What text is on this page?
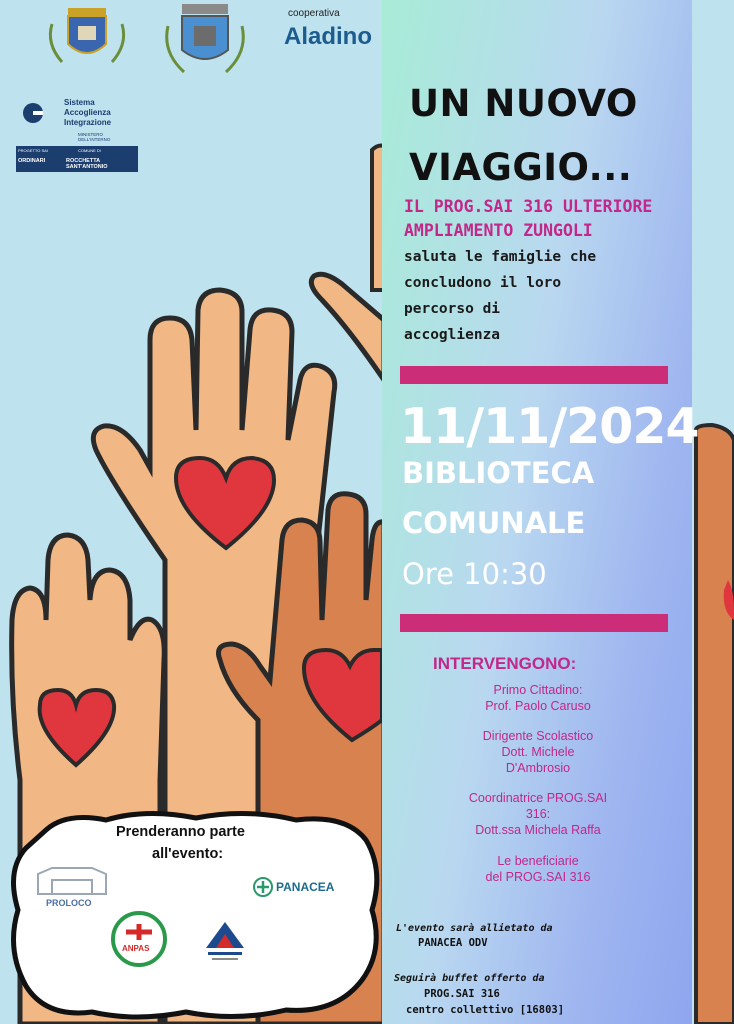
cooperativa
Aladino
Sistema
Accoglienza
Integrazione
MINISTERO DELL'INTERNO
PROGETTO SAI	COMUNE DI
ORDINARI	ROCCHETTA SANT'ANTONIO
UN NUOVO
VIAGGIO...
IL PROG.SAI 316 ULTERIORE
AMPLIAMENTO ZUNGOLI
saluta le famiglie che
concludono il loro
percorso di
accoglienza
11/11/2024
BIBLIOTECA
COMUNALE
Ore 10:30
INTERVENGONO:
Primo Cittadino:
Prof. Paolo Caruso
Dirigente Scolastico
Dott. Michele
D'Ambrosio
Coordinatrice PROG.SAI
316:
Dott.ssa Michela Raffa
Le beneficiarie
del PROG.SAI 316
L'evento sarà allietato da
PANACEA ODV
Seguirà buffet offerto da
PROG.SAI 316
centro collettivo [16803]
Prenderanno parte
all'evento:
PROLOCO
PANACEA
ANPAS
